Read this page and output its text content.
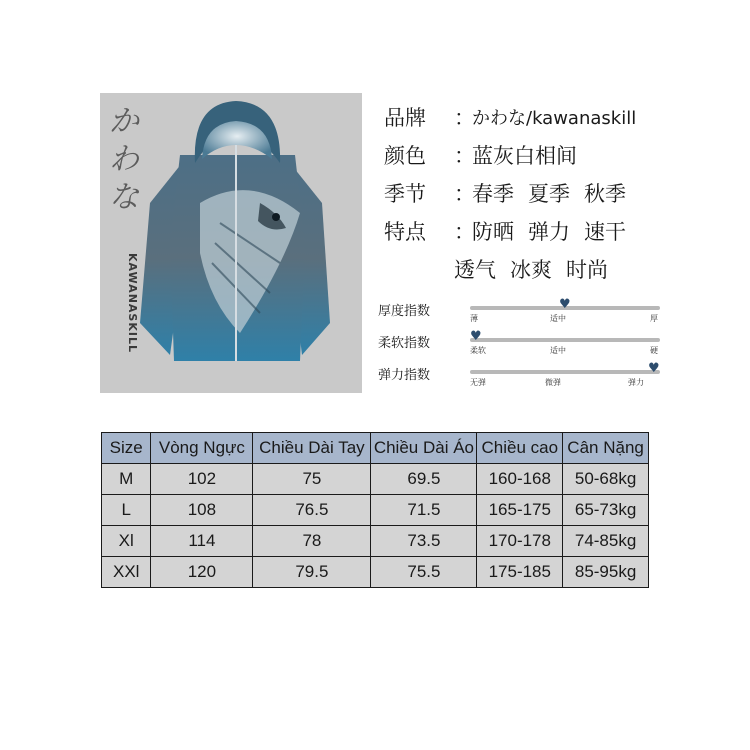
か
わ
な
KAWANASKILL
品牌	：
かわな/kawanaskill
颜色	：
蓝灰白相间
季节	：
春季 夏季 秋季
特点	：
防晒 弹力 速干
透气 冰爽 时尚
厚度指数	♥
薄	适中	厚
柔软指数	♥
柔软	适中	硬
弹力指数	♥
无弹	微弹	弹力
Size	Vòng Ngực	Chiều Dài Tay	Chiều Dài Áo	Chiều cao	Cân Nặng
M	102	75	69.5	160-168	50-68kg
L	108	76.5	71.5	165-175	65-73kg
Xl	114	78	73.5	170-178	74-85kg
XXl	120	79.5	75.5	175-185	85-95kg
